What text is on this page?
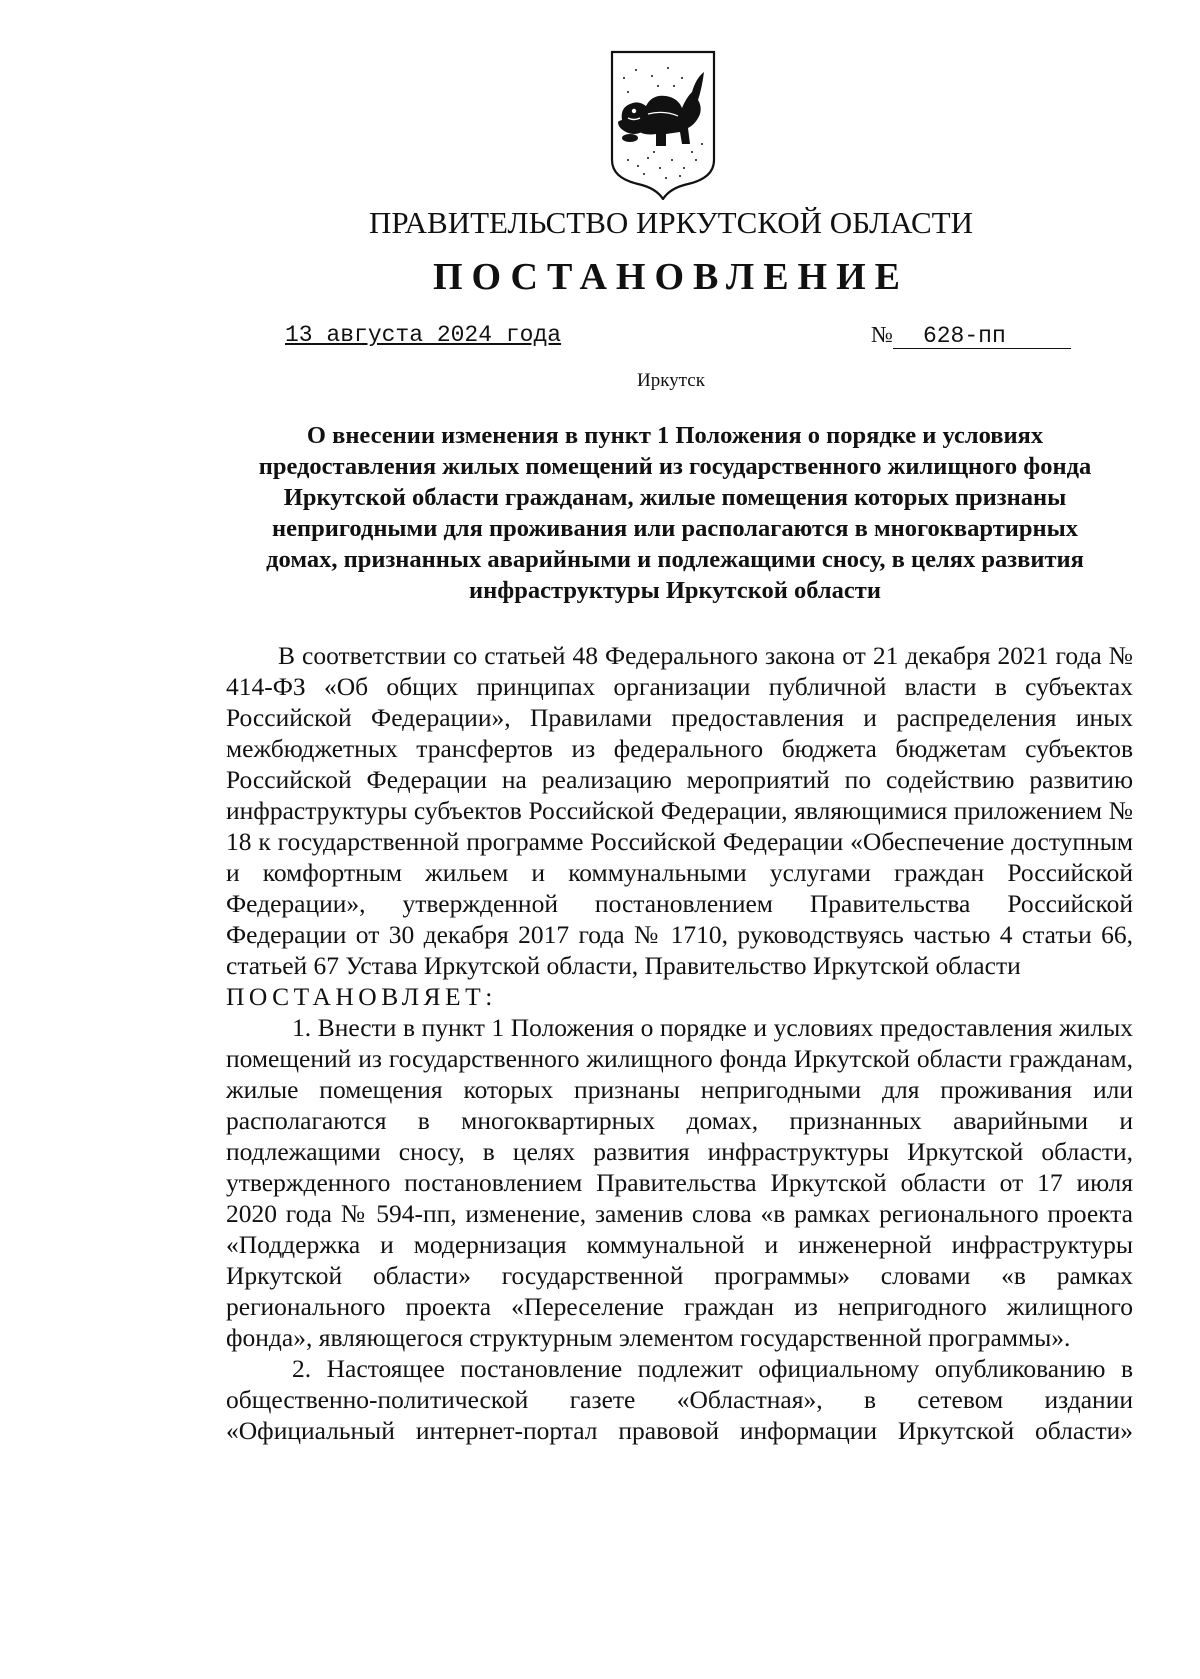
ПРАВИТЕЛЬСТВО ИРКУТСКОЙ ОБЛАСТИ
ПОСТАНОВЛЕНИЕ
13 августа 2024 года	№ 628-пп
Иркутск

О внесении изменения в пункт 1 Положения о порядке и условиях предоставления жилых помещений из государственного жилищного фонда Иркутской области гражданам, жилые помещения которых признаны непригодными для проживания или располагаются в многоквартирных домах, признанных аварийными и подлежащими сносу, в целях развития инфраструктуры Иркутской области

В соответствии со статьей 48 Федерального закона от 21 декабря 2021 года № 414-ФЗ «Об общих принципах организации публичной власти в субъектах Российской Федерации», Правилами предоставления и распределения иных межбюджетных трансфертов из федерального бюджета бюджетам субъектов Российской Федерации на реализацию мероприятий по содействию развитию инфраструктуры субъектов Российской Федерации, являющимися приложением № 18 к государственной программе Российской Федерации «Обеспечение доступным и комфортным жильем и коммунальными услугами граждан Российской Федерации», утвержденной постановлением Правительства Российской Федерации от 30 декабря 2017 года № 1710, руководствуясь частью 4 статьи 66, статьей 67 Устава Иркутской области, Правительство Иркутской области

ПОСТАНОВЛЯЕТ:

1. Внести в пункт 1 Положения о порядке и условиях предоставления жилых помещений из государственного жилищного фонда Иркутской области гражданам, жилые помещения которых признаны непригодными для проживания или располагаются в многоквартирных домах, признанных аварийными и подлежащими сносу, в целях развития инфраструктуры Иркутской области, утвержденного постановлением Правительства Иркутской области от 17 июля 2020 года № 594-пп, изменение, заменив слова «в рамках регионального проекта «Поддержка и модернизация коммунальной и инженерной инфраструктуры Иркутской области» государственной программы» словами «в рамках регионального проекта «Переселение граждан из непригодного жилищного фонда», являющегося структурным элементом государственной программы».

2. Настоящее постановление подлежит официальному опубликованию в общественно-политической газете «Областная», в сетевом издании «Официальный интернет-портал правовой информации Иркутской области»
